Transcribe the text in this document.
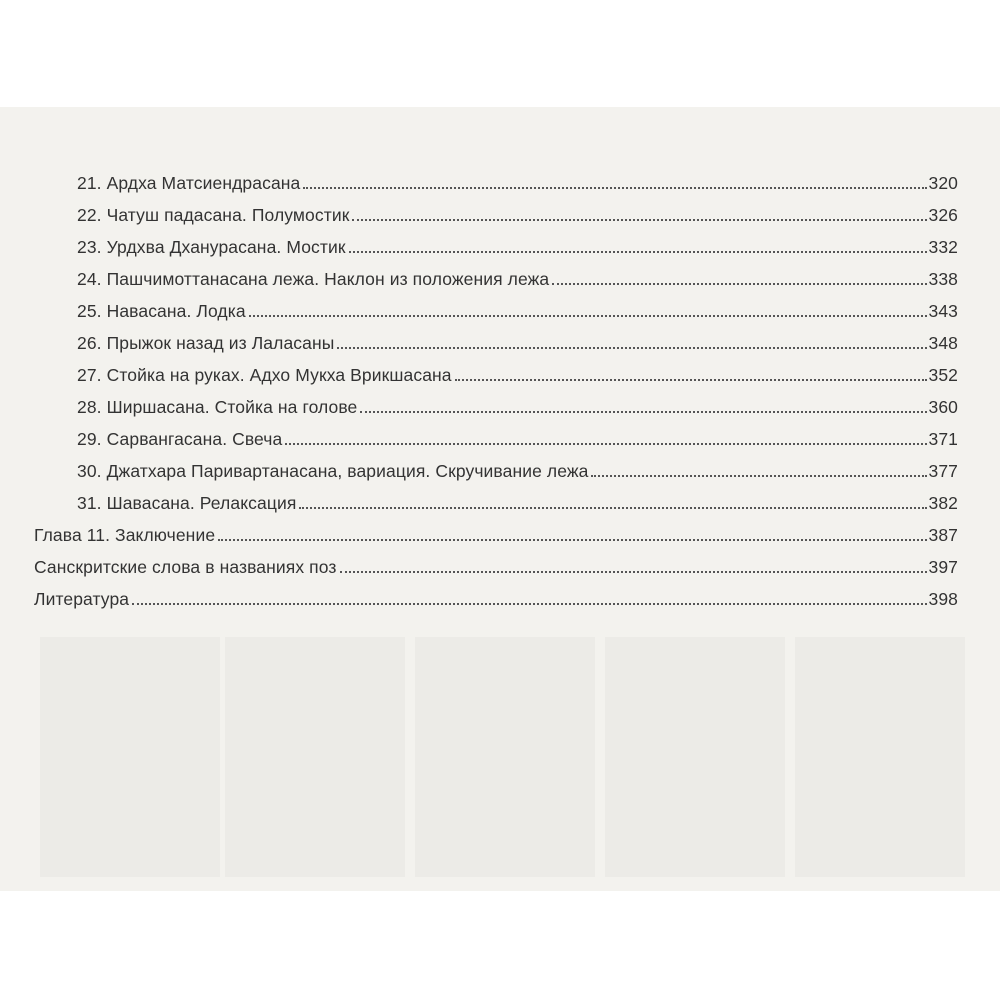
21. Ардха Матсиендрасана	320
22. Чатуш падасана. Полумостик	326
23. Урдхва Дханурасана. Мостик	332
24. Пашчимоттанасана лежа. Наклон из положения лежа	338
25. Навасана. Лодка	343
26. Прыжок назад из Лаласаны	348
27. Стойка на руках. Адхо Мукха Врикшасана	352
28. Ширшасана. Стойка на голове	360
29. Сарвангасана. Свеча	371
30. Джатхара Паривартанасана, вариация. Скручивание лежа	377
31. Шавасана. Релаксация	382
Глава 11. Заключение	387
Санскритские слова в названиях поз	397
Литература	398
